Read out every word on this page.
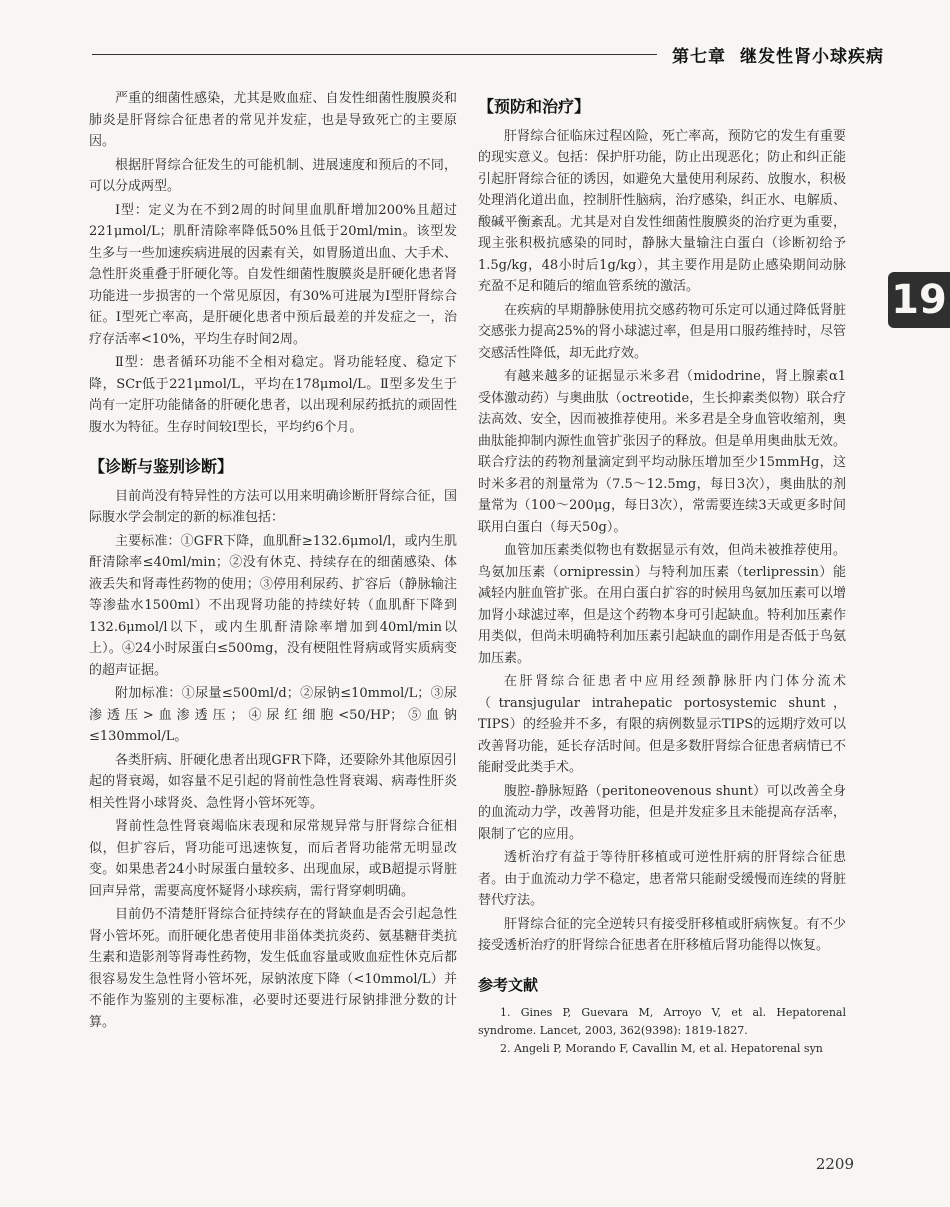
第七章 继发性肾小球疾病

严重的细菌性感染，尤其是败血症、自发性细菌性腹膜炎和肺炎是肝肾综合征患者的常见并发症，也是导致死亡的主要原因。

根据肝肾综合征发生的可能机制、进展速度和预后的不同，可以分成两型。

Ⅰ型：定义为在不到2周的时间里血肌酐增加200%且超过221μmol/L；肌酐清除率降低50%且低于20ml/min。该型发生多与一些加速疾病进展的因素有关，如胃肠道出血、大手术、急性肝炎重叠于肝硬化等。自发性细菌性腹膜炎是肝硬化患者肾功能进一步损害的一个常见原因，有30%可进展为Ⅰ型肝肾综合征。Ⅰ型死亡率高，是肝硬化患者中预后最差的并发症之一，治疗存活率<10%，平均生存时间2周。

Ⅱ型：患者循环功能不全相对稳定。肾功能轻度、稳定下降，SCr低于221μmol/L，平均在178μmol/L。Ⅱ型多发生于尚有一定肝功能储备的肝硬化患者，以出现利尿药抵抗的顽固性腹水为特征。生存时间较Ⅰ型长，平均约6个月。

【诊断与鉴别诊断】

目前尚没有特异性的方法可以用来明确诊断肝肾综合征，国际腹水学会制定的新的标准包括：

主要标准：①GFR下降，血肌酐≥132.6μmol/l，或内生肌酐清除率≤40ml/min；②没有休克、持续存在的细菌感染、体液丢失和肾毒性药物的使用；③停用利尿药、扩容后（静脉输注等渗盐水1500ml）不出现肾功能的持续好转（血肌酐下降到132.6μmol/l以下，或内生肌酐清除率增加到40ml/min以上）。④24小时尿蛋白≤500mg，没有梗阻性肾病或肾实质病变的超声证据。

附加标准：①尿量≤500ml/d；②尿钠≤10mmol/L；③尿渗透压>血渗透压；④尿红细胞<50/HP；⑤血钠≤130mmol/L。

各类肝病、肝硬化患者出现GFR下降，还要除外其他原因引起的肾衰竭，如容量不足引起的肾前性急性肾衰竭、病毒性肝炎相关性肾小球肾炎、急性肾小管坏死等。

肾前性急性肾衰竭临床表现和尿常规异常与肝肾综合征相似，但扩容后，肾功能可迅速恢复，而后者肾功能常无明显改变。如果患者24小时尿蛋白量较多、出现血尿，或B超提示肾脏回声异常，需要高度怀疑肾小球疾病，需行肾穿刺明确。

目前仍不清楚肝肾综合征持续存在的肾缺血是否会引起急性肾小管坏死。而肝硬化患者使用非甾体类抗炎药、氨基糖苷类抗生素和造影剂等肾毒性药物，发生低血容量或败血症性休克后都很容易发生急性肾小管坏死，尿钠浓度下降（<10mmol/L）并不能作为鉴别的主要标准，必要时还要进行尿钠排泄分数的计算。

【预防和治疗】

肝肾综合征临床过程凶险，死亡率高，预防它的发生有重要的现实意义。包括：保护肝功能，防止出现恶化；防止和纠正能引起肝肾综合征的诱因，如避免大量使用利尿药、放腹水，积极处理消化道出血，控制肝性脑病，治疗感染，纠正水、电解质、酸碱平衡紊乱。尤其是对自发性细菌性腹膜炎的治疗更为重要，现主张积极抗感染的同时，静脉大量输注白蛋白（诊断初给予1.5g/kg，48小时后1g/kg），其主要作用是防止感染期间动脉充盈不足和随后的缩血管系统的激活。

在疾病的早期静脉使用抗交感药物可乐定可以通过降低肾脏交感张力提高25%的肾小球滤过率，但是用口服药维持时，尽管交感活性降低，却无此疗效。

有越来越多的证据显示米多君（midodrine，肾上腺素α1受体激动药）与奥曲肽（octreotide，生长抑素类似物）联合疗法高效、安全，因而被推荐使用。米多君是全身血管收缩剂，奥曲肽能抑制内源性血管扩张因子的释放。但是单用奥曲肽无效。联合疗法的药物剂量滴定到平均动脉压增加至少15mmHg，这时米多君的剂量常为（7.5～12.5mg，每日3次），奥曲肽的剂量常为（100～200μg，每日3次），常需要连续3天或更多时间联用白蛋白（每天50g）。

血管加压素类似物也有数据显示有效，但尚未被推荐使用。鸟氨加压素（ornipressin）与特利加压素（terlipressin）能减轻内脏血管扩张。在用白蛋白扩容的时候用鸟氨加压素可以增加肾小球滤过率，但是这个药物本身可引起缺血。特利加压素作用类似，但尚未明确特利加压素引起缺血的副作用是否低于鸟氨加压素。

在肝肾综合征患者中应用经颈静脉肝内门体分流术（transjugular intrahepatic portosystemic shunt，TIPS）的经验并不多，有限的病例数显示TIPS的远期疗效可以改善肾功能，延长存活时间。但是多数肝肾综合征患者病情已不能耐受此类手术。

腹腔-静脉短路（peritoneovenous shunt）可以改善全身的血流动力学，改善肾功能，但是并发症多且未能提高存活率，限制了它的应用。

透析治疗有益于等待肝移植或可逆性肝病的肝肾综合征患者。由于血流动力学不稳定，患者常只能耐受缓慢而连续的肾脏替代疗法。

肝肾综合征的完全逆转只有接受肝移植或肝病恢复。有不少接受透析治疗的肝肾综合征患者在肝移植后肾功能得以恢复。

参考文献

1. Gines P, Guevara M, Arroyo V, et al. Hepatorenal syndrome. Lancet, 2003, 362(9398): 1819-1827.

2. Angeli P, Morando F, Cavallin M, et al. Hepatorenal syn

19
2209
